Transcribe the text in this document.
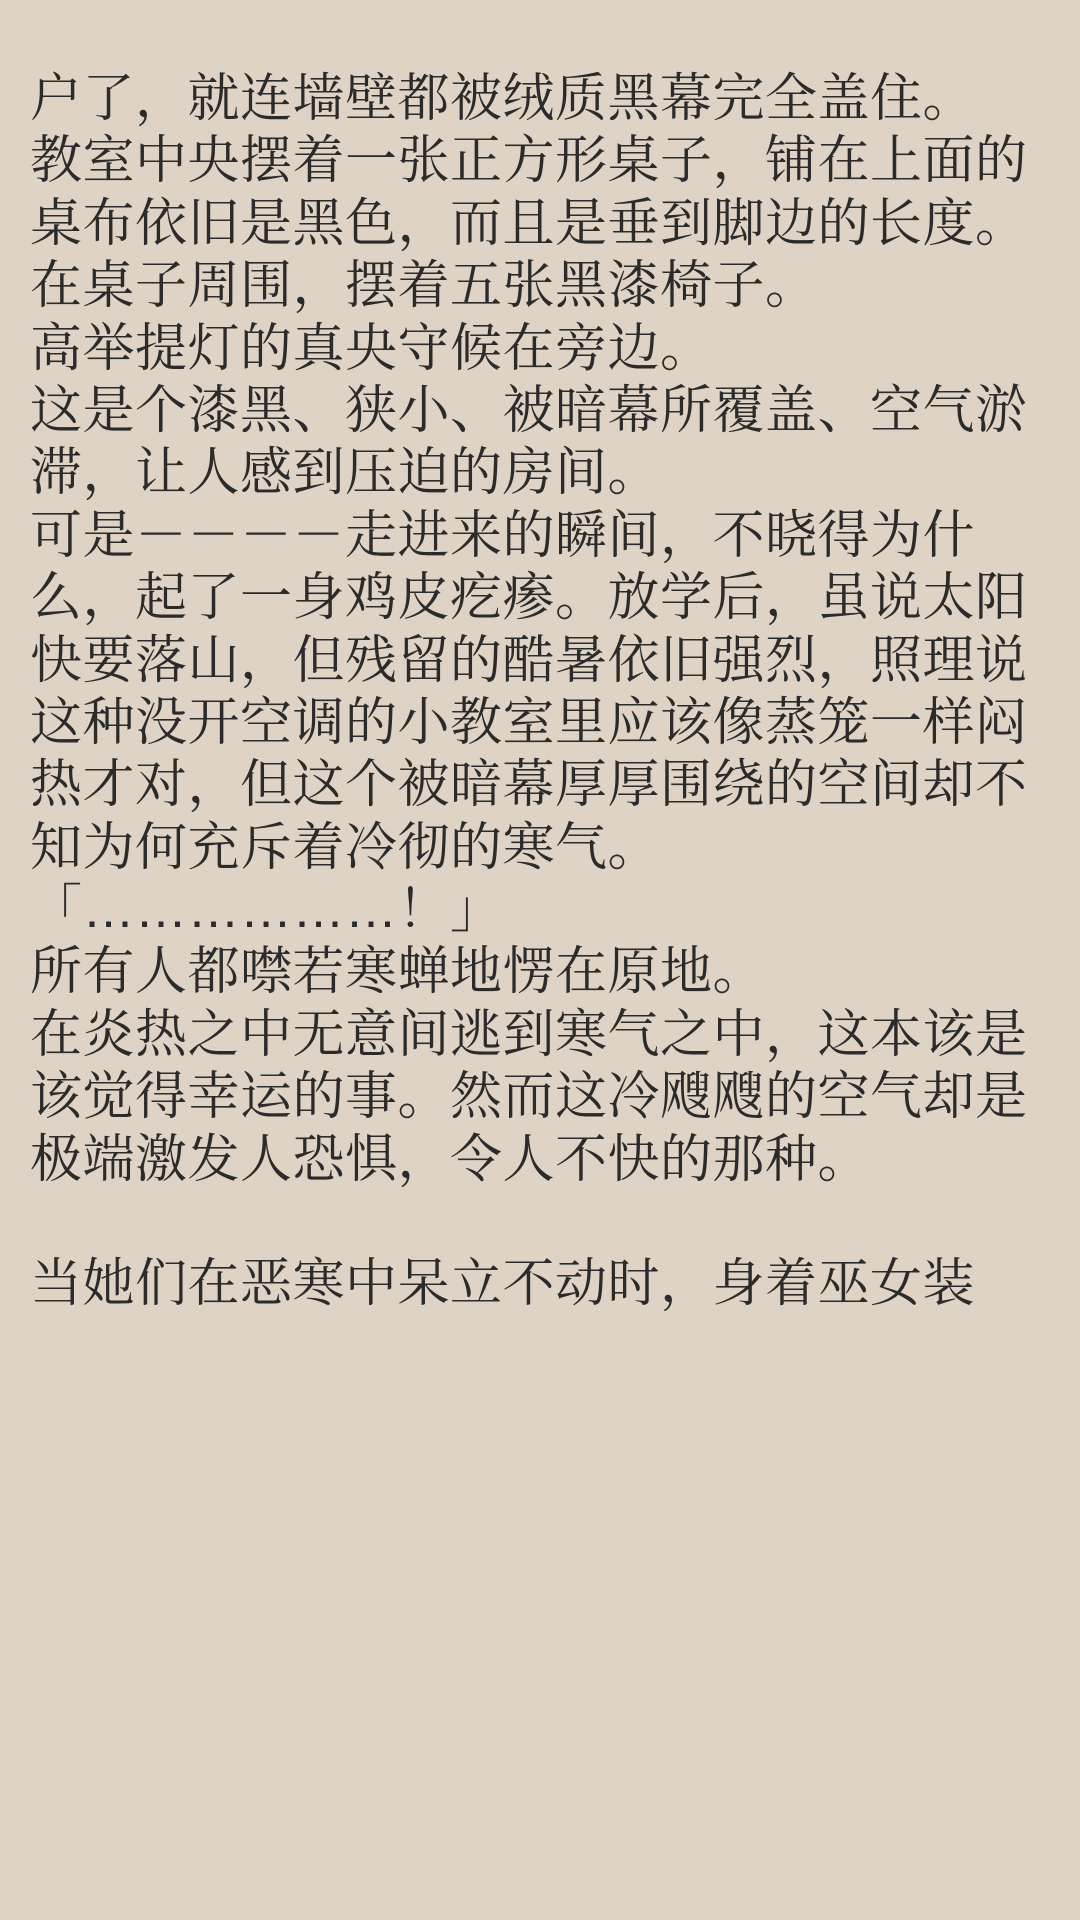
户了，就连墙壁都被绒质黑幕完全盖住。

教室中央摆着一张正方形桌子，铺在上面的桌布依旧是黑色，而且是垂到脚边的长度。

在桌子周围，摆着五张黑漆椅子。

高举提灯的真央守候在旁边。

这是个漆黑、狭小、被暗幕所覆盖、空气淤滞，让人感到压迫的房间。

可是－－－－走进来的瞬间，不晓得为什么，起了一身鸡皮疙瘆。放学后，虽说太阳快要落山，但残留的酷暑依旧强烈，照理说这种没开空调的小教室里应该像蒸笼一样闷热才对，但这个被暗幕厚厚围绕的空间却不知为何充斥着冷彻的寒气。

「………………！」

所有人都噤若寒蝉地愣在原地。

在炎热之中无意间逃到寒气之中，这本该是该觉得幸运的事。然而这冷飕飕的空气却是极端激发人恐惧，令人不快的那种。

当她们在恶寒中呆立不动时，身着巫女装
